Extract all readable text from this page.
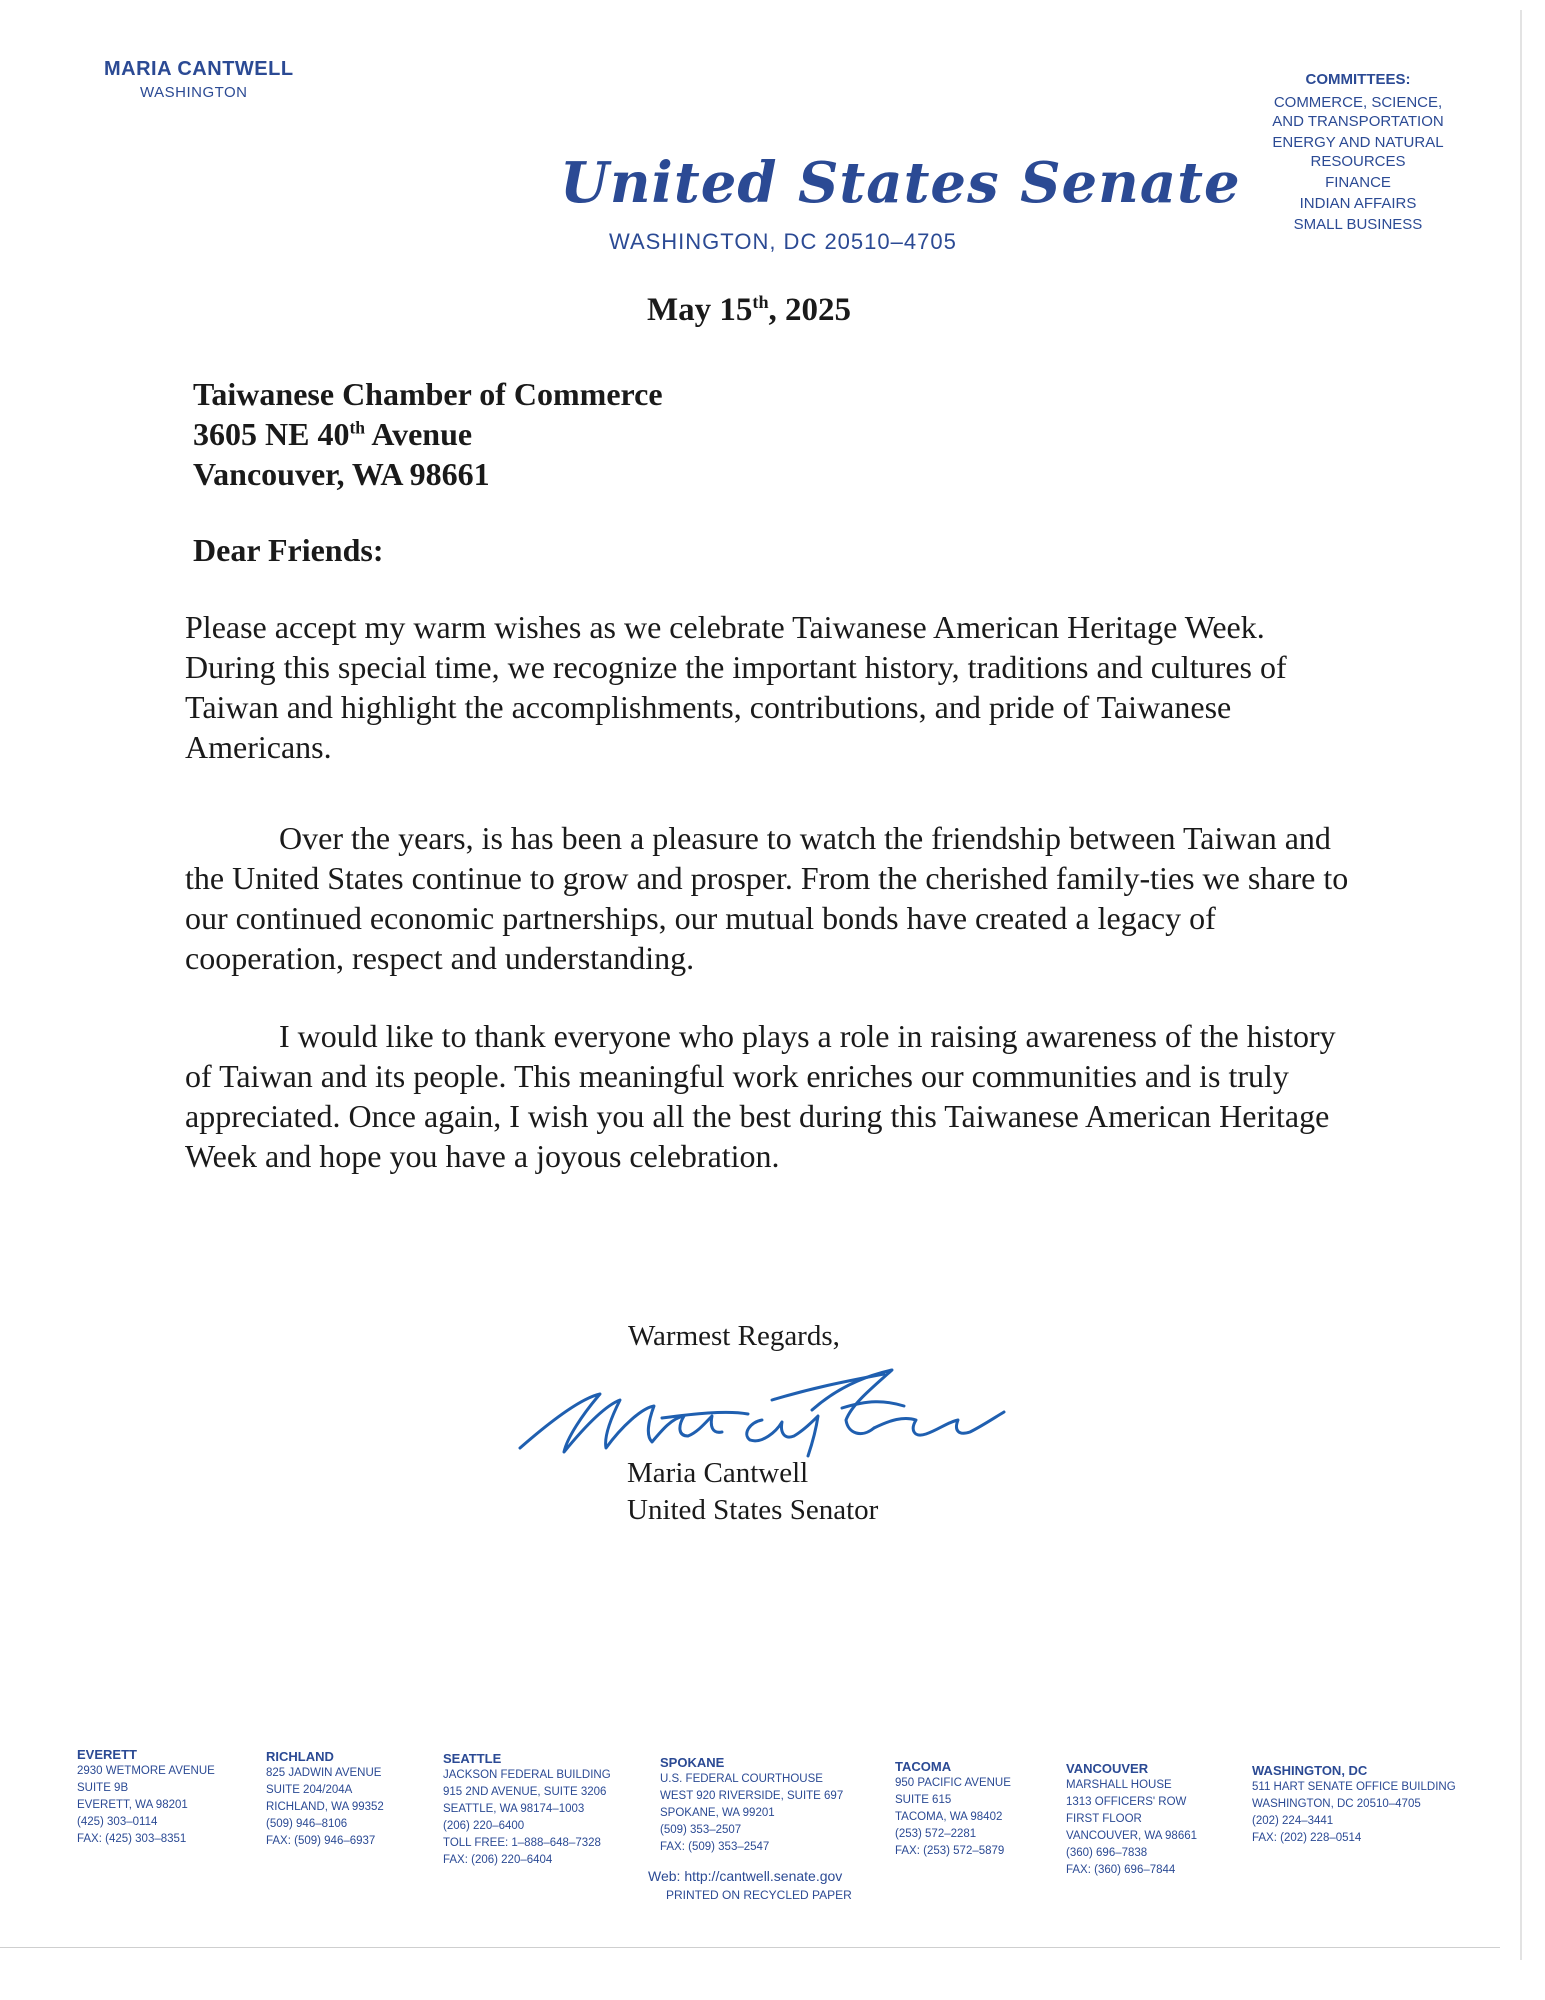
MARIA CANTWELL
WASHINGTON
United States Senate
WASHINGTON, DC 20510–4705
COMMITTEES:
COMMERCE, SCIENCE, AND TRANSPORTATION
ENERGY AND NATURAL RESOURCES
FINANCE
INDIAN AFFAIRS
SMALL BUSINESS
May 15th, 2025
Taiwanese Chamber of Commerce
3605 NE 40th Avenue
Vancouver, WA 98661
Dear Friends:
Please accept my warm wishes as we celebrate Taiwanese American Heritage Week. During this special time, we recognize the important history, traditions and cultures of Taiwan and highlight the accomplishments, contributions, and pride of Taiwanese Americans.
Over the years, is has been a pleasure to watch the friendship between Taiwan and the United States continue to grow and prosper. From the cherished family-ties we share to our continued economic partnerships, our mutual bonds have created a legacy of cooperation, respect and understanding.
I would like to thank everyone who plays a role in raising awareness of the history of Taiwan and its people. This meaningful work enriches our communities and is truly appreciated. Once again, I wish you all the best during this Taiwanese American Heritage Week and hope you have a joyous celebration.
Warmest Regards,
Maria Cantwell
United States Senator
EVERETT
2930 WETMORE AVENUE
SUITE 9B
EVERETT, WA 98201
(425) 303–0114
FAX: (425) 303–8351
RICHLAND
825 JADWIN AVENUE
SUITE 204/204A
RICHLAND, WA 99352
(509) 946–8106
FAX: (509) 946–6937
SEATTLE
JACKSON FEDERAL BUILDING
915 2ND AVENUE, SUITE 3206
SEATTLE, WA 98174–1003
(206) 220–6400
TOLL FREE: 1–888–648–7328
FAX: (206) 220–6404
SPOKANE
U.S. FEDERAL COURTHOUSE
WEST 920 RIVERSIDE, SUITE 697
SPOKANE, WA 99201
(509) 353–2507
FAX: (509) 353–2547
TACOMA
950 PACIFIC AVENUE
SUITE 615
TACOMA, WA 98402
(253) 572–2281
FAX: (253) 572–5879
VANCOUVER
MARSHALL HOUSE
1313 OFFICERS' ROW
FIRST FLOOR
VANCOUVER, WA 98661
(360) 696–7838
FAX: (360) 696–7844
WASHINGTON, DC
511 HART SENATE OFFICE BUILDING
WASHINGTON, DC 20510–4705
(202) 224–3441
FAX: (202) 228–0514
Web: http://cantwell.senate.gov
PRINTED ON RECYCLED PAPER
